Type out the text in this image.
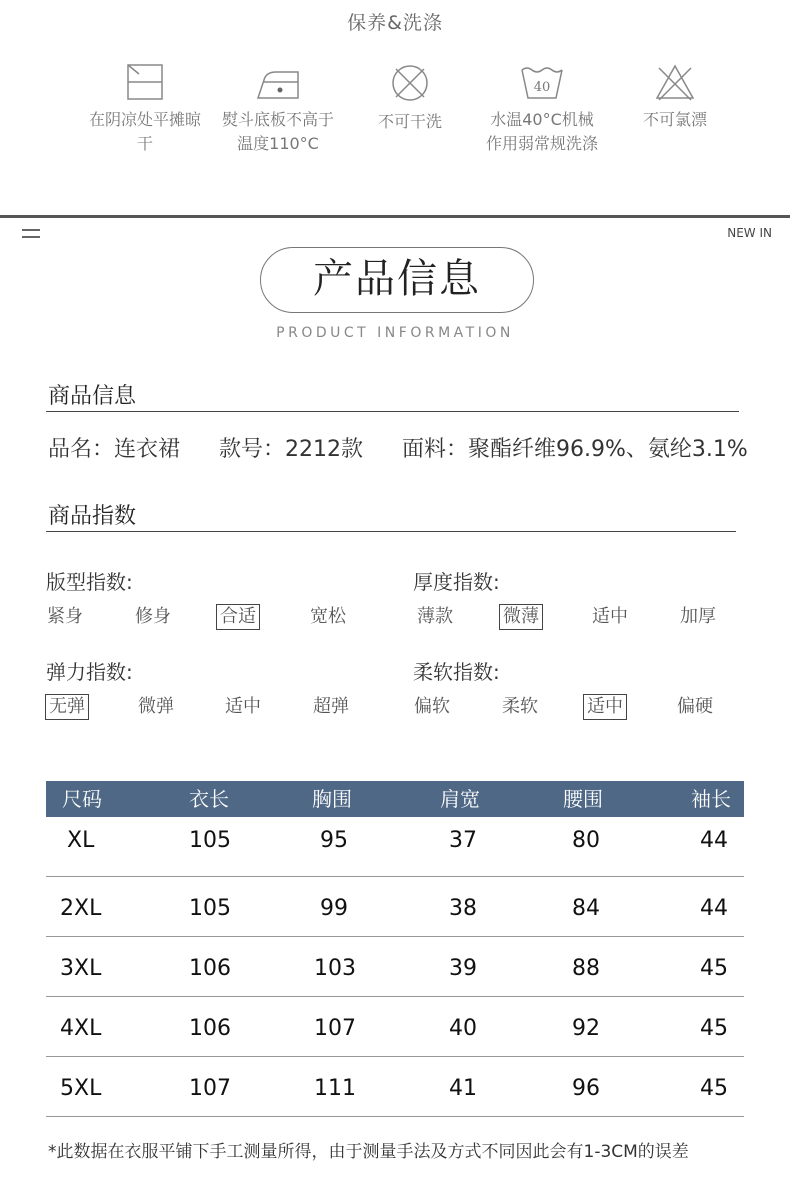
保养&洗涤
在阴凉处平摊晾干
熨斗底板不高于温度110°C
不可干洗
40
水温40°C机械作用弱常规洗涤
不可氯漂
NEW IN
产品信息
PRODUCT INFORMATION
商品信息
品名：连衣裙 款号：2212款 面料：聚酯纤维96.9%、氨纶3.1%
商品指数
版型指数:
紧身	修身	合适	宽松
厚度指数:
薄款	微薄	适中	加厚
弹力指数:
无弹	微弹	适中	超弹
柔软指数:
偏软	柔软	适中	偏硬
尺码	衣长	胸围	肩宽	腰围	袖长
XL	105	95	37	80	44
2XL	105	99	38	84	44
3XL	106	103	39	88	45
4XL	106	107	40	92	45
5XL	107	111	41	96	45
*此数据在衣服平铺下手工测量所得，由于测量手法及方式不同因此会有1-3CM的误差
